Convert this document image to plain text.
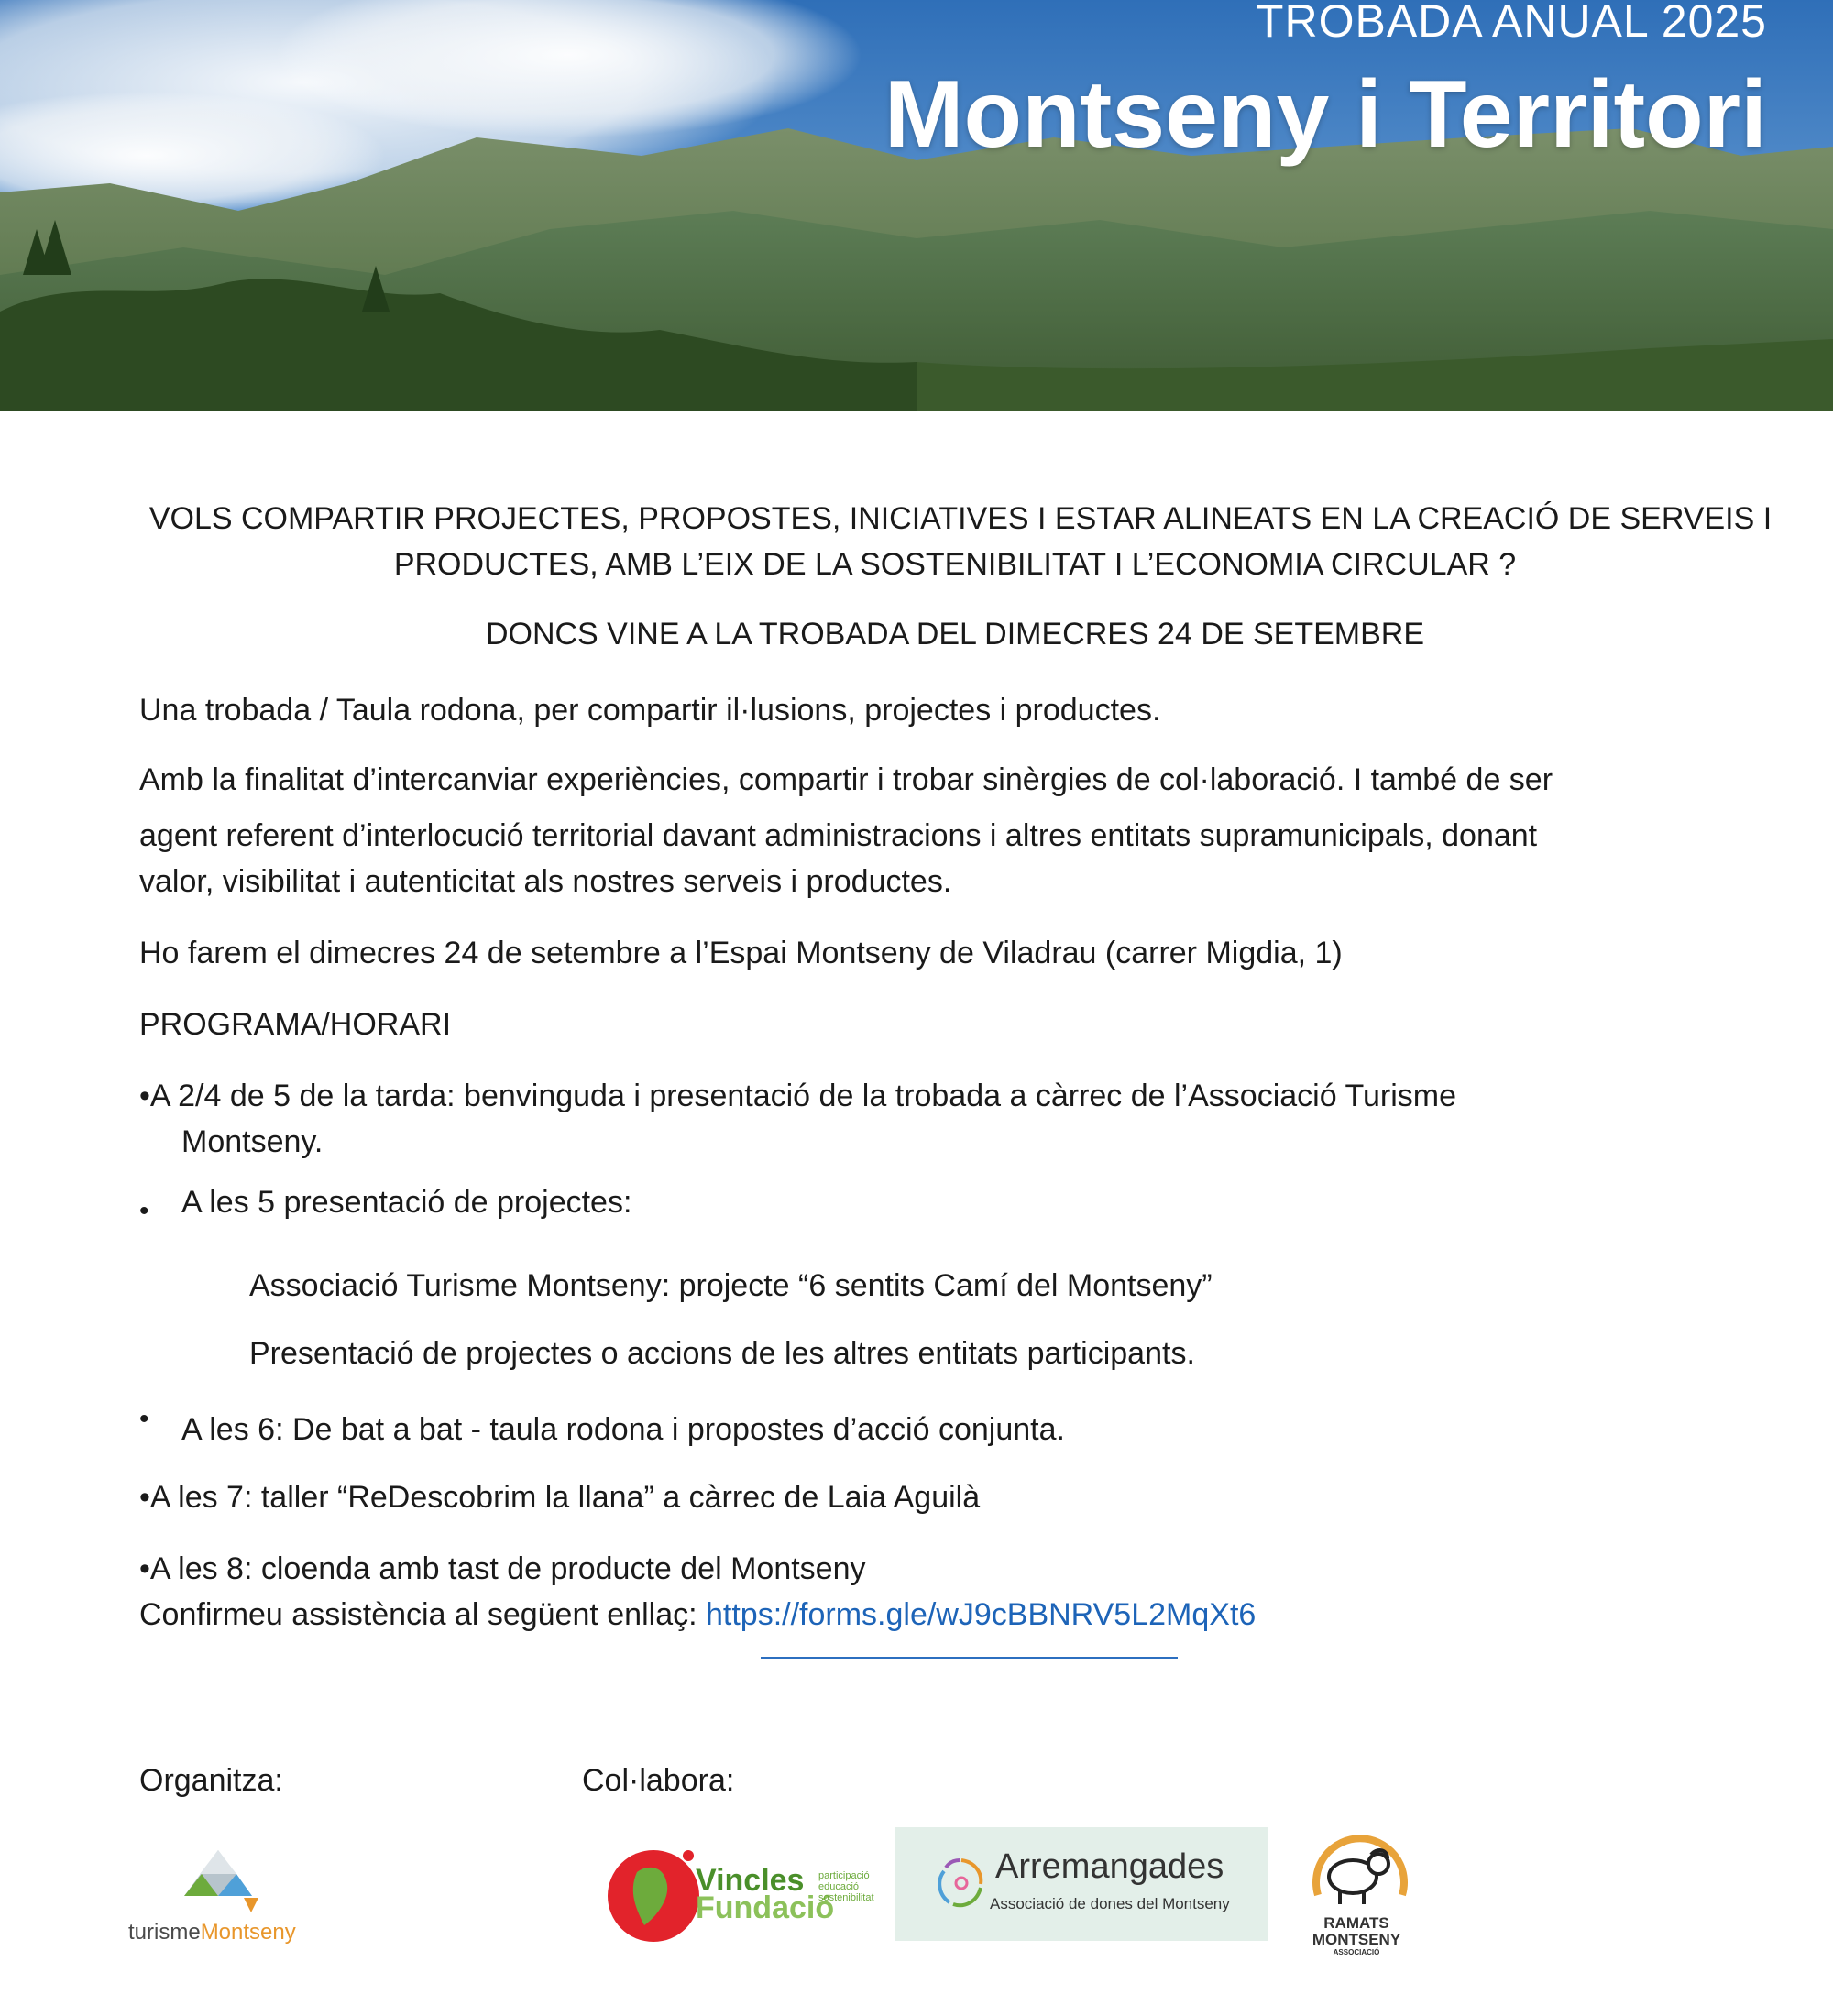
TROBADA ANUAL 2025
Montseny i Territori
VOLS COMPARTIR PROJECTES, PROPOSTES, INICIATIVES I ESTAR ALINEATS EN LA CREACIÓ DE SERVEIS I
PRODUCTES, AMB L’EIX DE LA SOSTENIBILITAT I L’ECONOMIA CIRCULAR ?
DONCS VINE A LA TROBADA DEL DIMECRES 24 DE SETEMBRE
Una trobada / Taula rodona, per compartir il·lusions, projectes i productes.
Amb la finalitat d’intercanviar experiències, compartir i trobar sinèrgies de col·laboració. I també de ser
agent referent d’interlocució territorial davant administracions i altres entitats supramunicipals, donant
valor, visibilitat i autenticitat als nostres serveis i productes.
Ho farem el dimecres 24 de setembre a l’Espai Montseny de Viladrau (carrer Migdia, 1)
PROGRAMA/HORARI
•A 2/4 de 5 de la tarda: benvinguda i presentació de la trobada a càrrec de l’Associació Turisme
Montseny.
• A les 5 presentació de projectes:
Associació Turisme Montseny: projecte “6 sentits Camí del Montseny”
Presentació de projectes o accions de les altres entitats participants.
• A les 6: De bat a bat - taula rodona i propostes d’acció conjunta.
•A les 7: taller “ReDescobrim la llana” a càrrec de Laia Aguilà
•A les 8: cloenda amb tast de producte del Montseny
Confirmeu assistència al següent enllaç: https://forms.gle/wJ9cBBNRV5L2MqXt6
Organitza:	Col·labora:
turismeMontseny
Vincles
Fundació
participació
educació
sostenibilitat
Arremangades
Associació de dones del Montseny
RAMATS
MONTSENY
ASSOCIACIÓ
